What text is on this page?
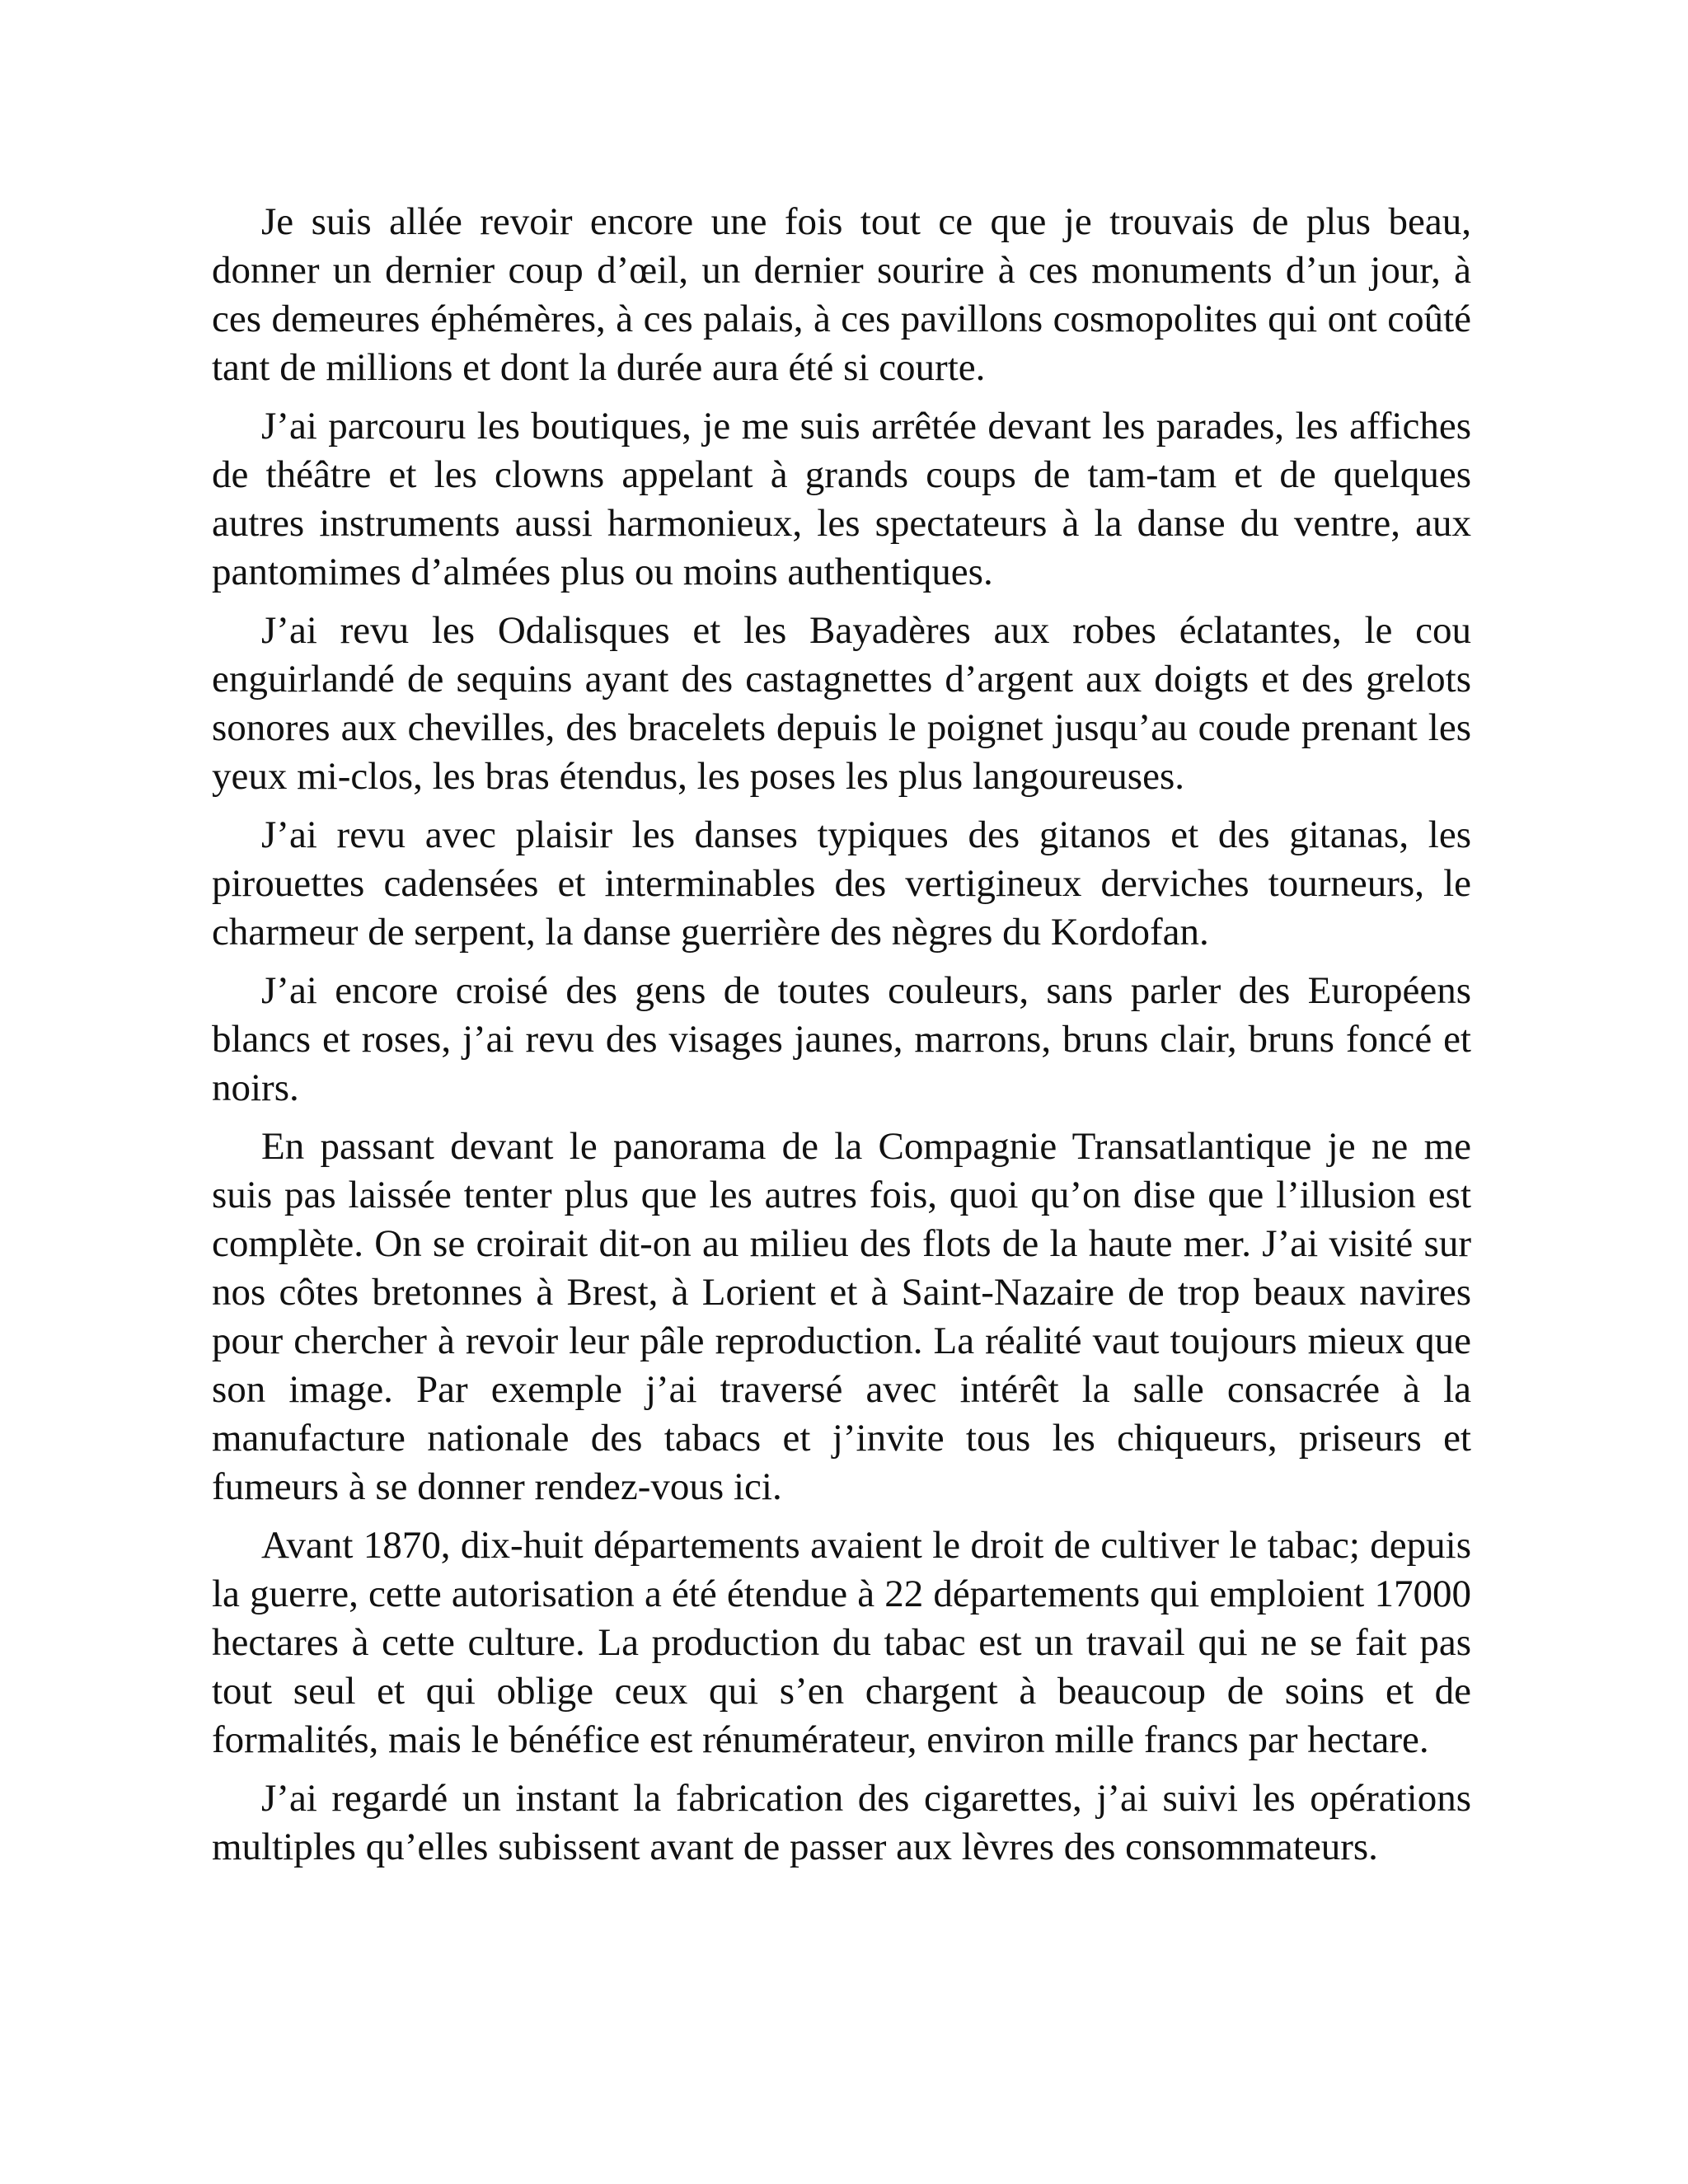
Je suis allée revoir encore une fois tout ce que je trouvais de plus beau, donner un dernier coup d’œil, un dernier sourire à ces monuments d’un jour, à ces demeures éphémères, à ces palais, à ces pavillons cosmopolites qui ont coûté tant de millions et dont la durée aura été si courte.

J’ai parcouru les boutiques, je me suis arrêtée devant les parades, les affiches de théâtre et les clowns appelant à grands coups de tam-tam et de quelques autres instruments aussi harmonieux, les spectateurs à la danse du ventre, aux pantomimes d’almées plus ou moins authentiques.

J’ai revu les Odalisques et les Bayadères aux robes éclatantes, le cou enguirlandé de sequins ayant des castagnettes d’argent aux doigts et des grelots sonores aux chevilles, des bracelets depuis le poignet jusqu’au coude prenant les yeux mi-clos, les bras étendus, les poses les plus langoureuses.

J’ai revu avec plaisir les danses typiques des gitanos et des gitanas, les pirouettes cadensées et interminables des vertigineux derviches tourneurs, le charmeur de serpent, la danse guerrière des nègres du Kordofan.

J’ai encore croisé des gens de toutes couleurs, sans parler des Européens blancs et roses, j’ai revu des visages jaunes, marrons, bruns clair, bruns foncé et noirs.

En passant devant le panorama de la Compagnie Transatlantique je ne me suis pas laissée tenter plus que les autres fois, quoi qu’on dise que l’illusion est complète. On se croirait dit-on au milieu des flots de la haute mer. J’ai visité sur nos côtes bretonnes à Brest, à Lorient et à Saint-Nazaire de trop beaux navires pour chercher à revoir leur pâle reproduction. La réalité vaut toujours mieux que son image. Par exemple j’ai traversé avec intérêt la salle consacrée à la manufacture nationale des tabacs et j’invite tous les chiqueurs, priseurs et fumeurs à se donner rendez-vous ici.

Avant 1870, dix-huit départements avaient le droit de cultiver le tabac; depuis la guerre, cette autorisation a été étendue à 22 départements qui emploient 17000 hectares à cette culture. La production du tabac est un travail qui ne se fait pas tout seul et qui oblige ceux qui s’en chargent à beaucoup de soins et de formalités, mais le bénéfice est rénumérateur, environ mille francs par hectare.

J’ai regardé un instant la fabrication des cigarettes, j’ai suivi les opérations multiples qu’elles subissent avant de passer aux lèvres des consommateurs.
